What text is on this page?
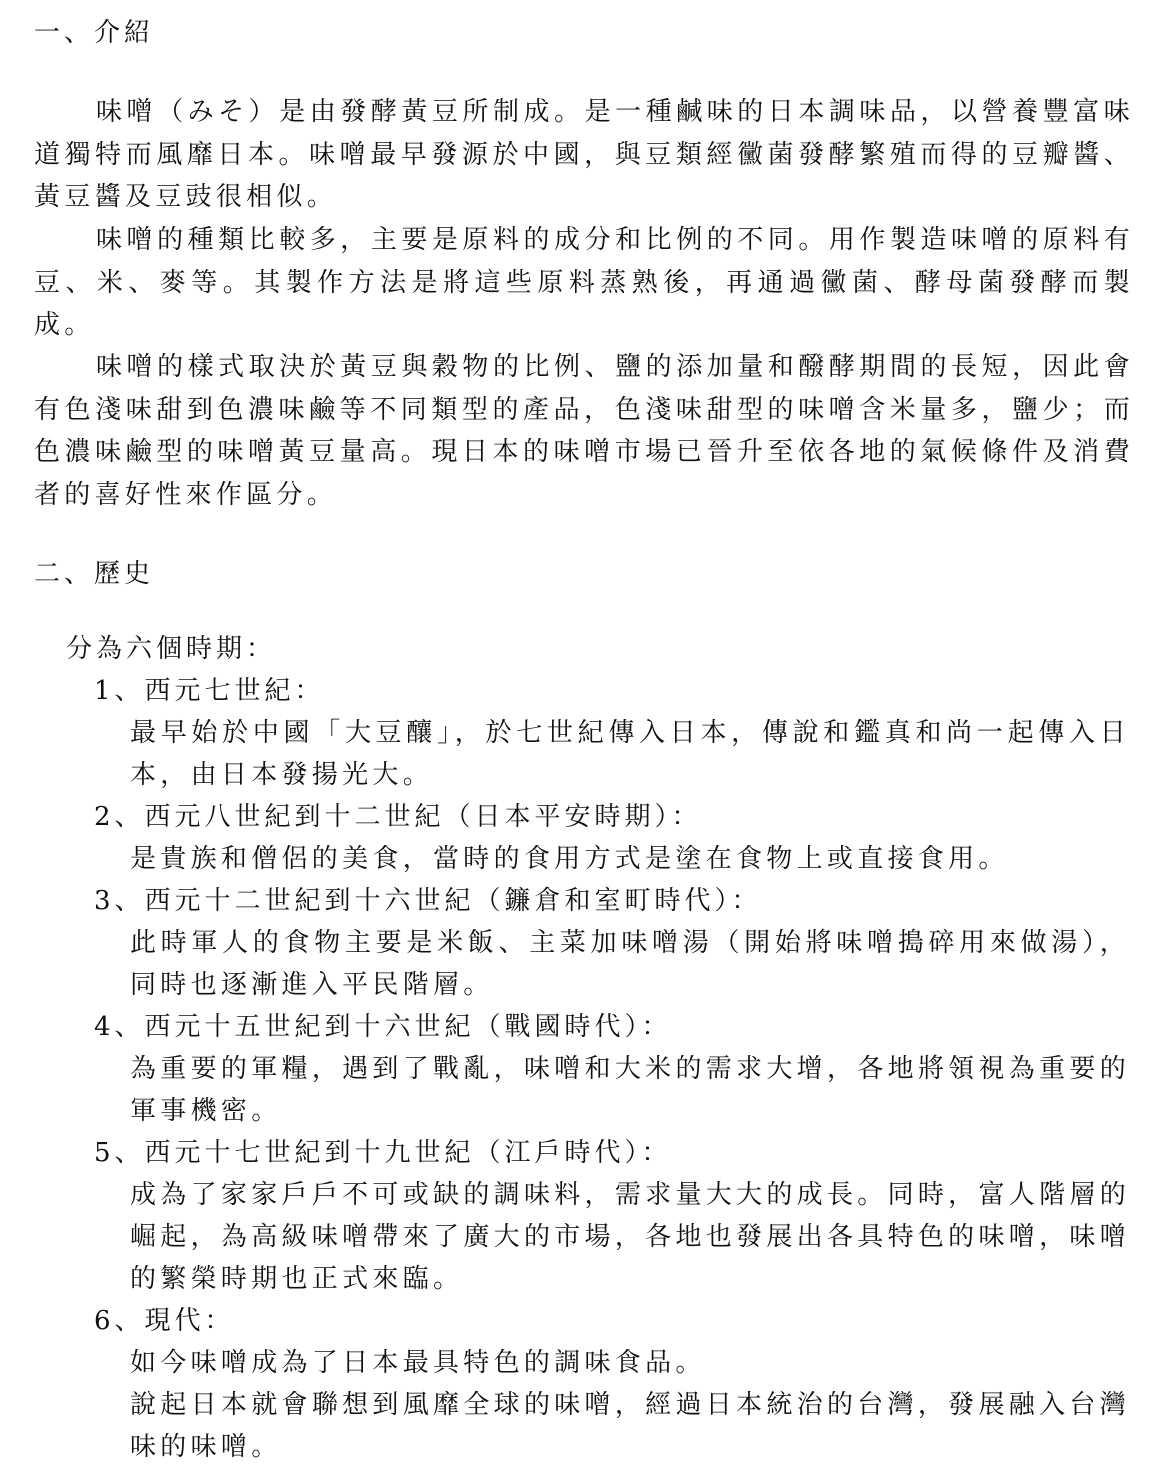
一、介紹

味噌（みそ）是由發酵黃豆所制成。是一種鹹味的日本調味品，以營養豐富味道獨特而風靡日本。味噌最早發源於中國，與豆類經黴菌發酵繁殖而得的豆瓣醬、黃豆醬及豆豉很相似。

味噌的種類比較多，主要是原料的成分和比例的不同。用作製造味噌的原料有豆、米、麥等。其製作方法是將這些原料蒸熟後，再通過黴菌、酵母菌發酵而製成。

味噌的樣式取決於黃豆與穀物的比例、鹽的添加量和醱酵期間的長短，因此會有色淺味甜到色濃味鹼等不同類型的產品，色淺味甜型的味噌含米量多，鹽少；而色濃味鹼型的味噌黃豆量高。現日本的味噌市場已晉升至依各地的氣候條件及消費者的喜好性來作區分。

二、歷史
分為六個時期：
1、西元七世紀：

最早始於中國「大豆釀」，於七世紀傳入日本，傳說和鑑真和尚一起傳入日本，由日本發揚光大。

2、西元八世紀到十二世紀（日本平安時期）：

是貴族和僧侶的美食，當時的食用方式是塗在食物上或直接食用。

3、西元十二世紀到十六世紀（鐮倉和室町時代）：

此時軍人的食物主要是米飯、主菜加味噌湯（開始將味噌搗碎用來做湯），同時也逐漸進入平民階層。

4、西元十五世紀到十六世紀（戰國時代）：

為重要的軍糧，遇到了戰亂，味噌和大米的需求大增，各地將領視為重要的軍事機密。

5、西元十七世紀到十九世紀（江戶時代）：

成為了家家戶戶不可或缺的調味料，需求量大大的成長。同時，富人階層的崛起，為高級味噌帶來了廣大的市場，各地也發展出各具特色的味噌，味噌的繁榮時期也正式來臨。

6、現代：

如今味噌成為了日本最具特色的調味食品。

說起日本就會聯想到風靡全球的味噌，經過日本統治的台灣，發展融入台灣味的味噌。
